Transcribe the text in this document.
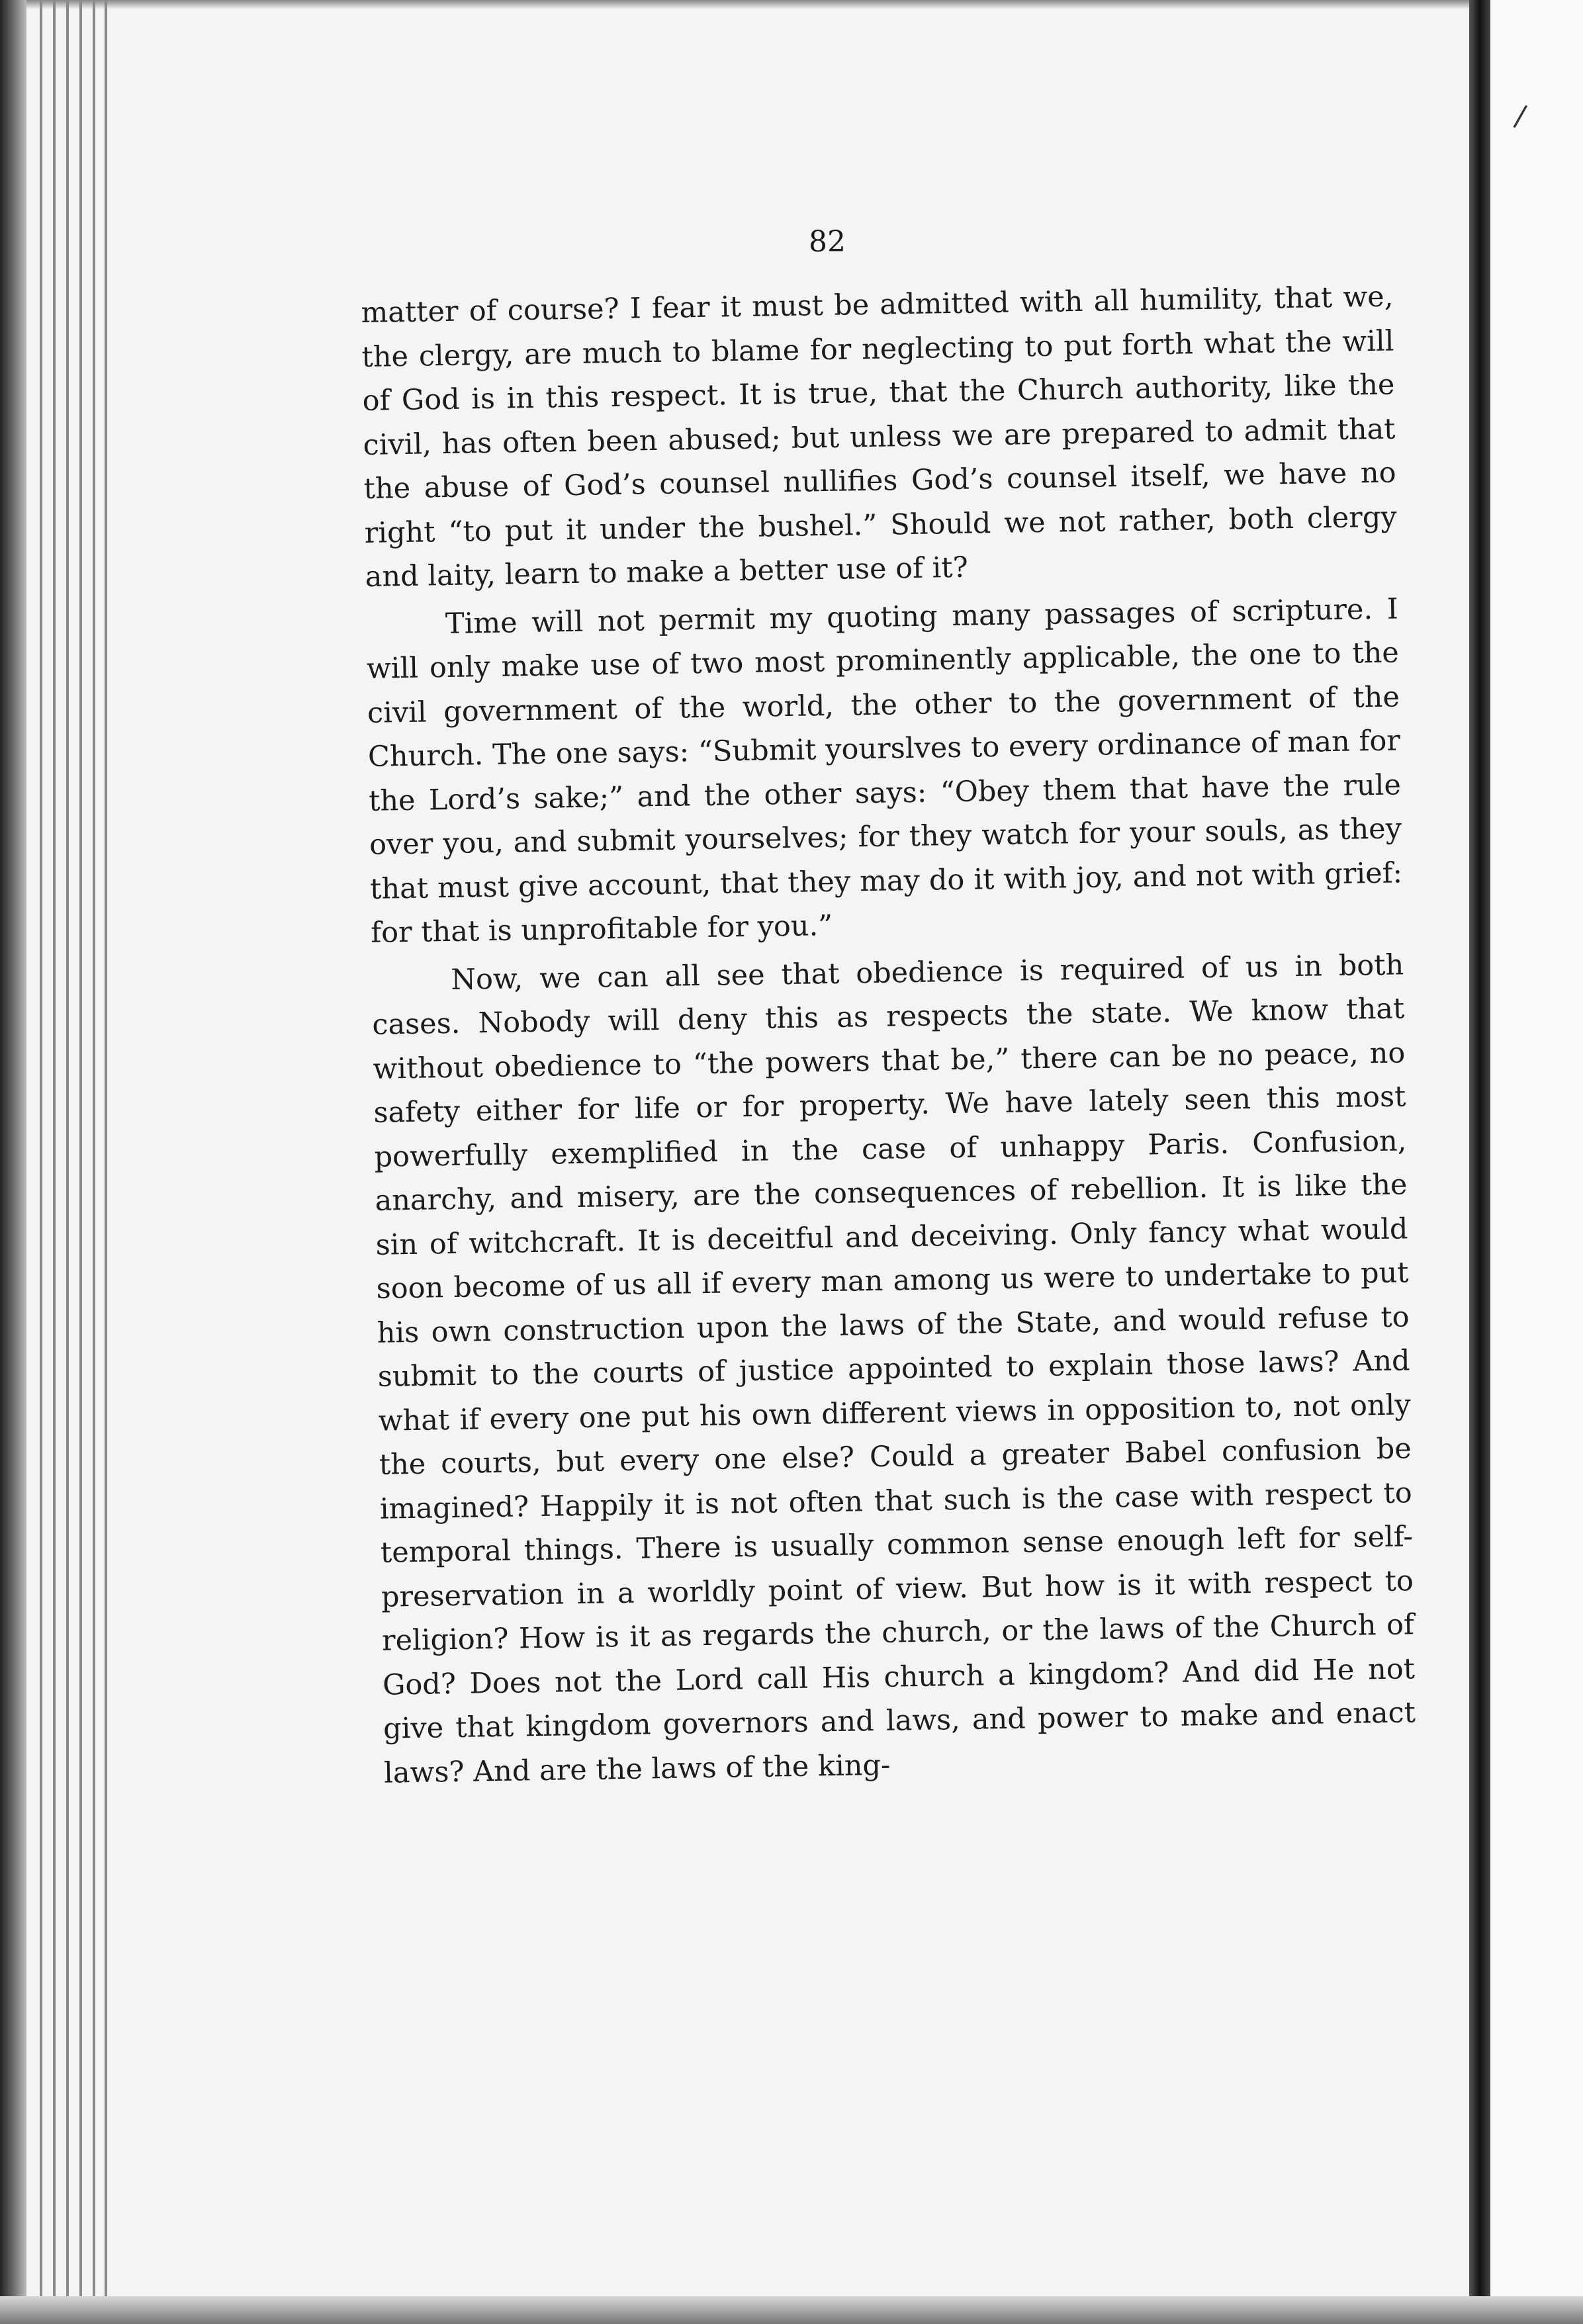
/
82

matter of course? I fear it must be admitted with all humility, that we, the clergy, are much to blame for neglecting to put forth what the will of God is in this respect. It is true, that the Church authority, like the civil, has often been abused; but unless we are prepared to admit that the abuse of God’s counsel nullifies God’s counsel itself, we have no right “to put it under the bushel.” Should we not rather, both clergy and laity, learn to make a better use of it?

Time will not permit my quoting many passages of scripture. I will only make use of two most prominently applicable, the one to the civil government of the world, the other to the government of the Church. The one says: “Submit yourslves to every ordinance of man for the Lord’s sake;” and the other says: “Obey them that have the rule over you, and submit yourselves; for they watch for your souls, as they that must give account, that they may do it with joy, and not with grief: for that is unprofitable for you.”

Now, we can all see that obedience is required of us in both cases. Nobody will deny this as respects the state. We know that without obedience to “the powers that be,” there can be no peace, no safety either for life or for property. We have lately seen this most powerfully exemplified in the case of unhappy Paris. Confusion, anarchy, and misery, are the consequences of rebellion. It is like the sin of witchcraft. It is deceitful and deceiving. Only fancy what would soon become of us all if every man among us were to undertake to put his own construction upon the laws of the State, and would refuse to submit to the courts of justice appointed to explain those laws? And what if every one put his own different views in opposition to, not only the courts, but every one else? Could a greater Babel confusion be imagined? Happily it is not often that such is the case with respect to temporal things. There is usually common sense enough left for self-preservation in a worldly point of view. But how is it with respect to religion? How is it as regards the church, or the laws of the Church of God? Does not the Lord call His church a kingdom? And did He not give that kingdom governors and laws, and power to make and enact laws? And are the laws of the king-
